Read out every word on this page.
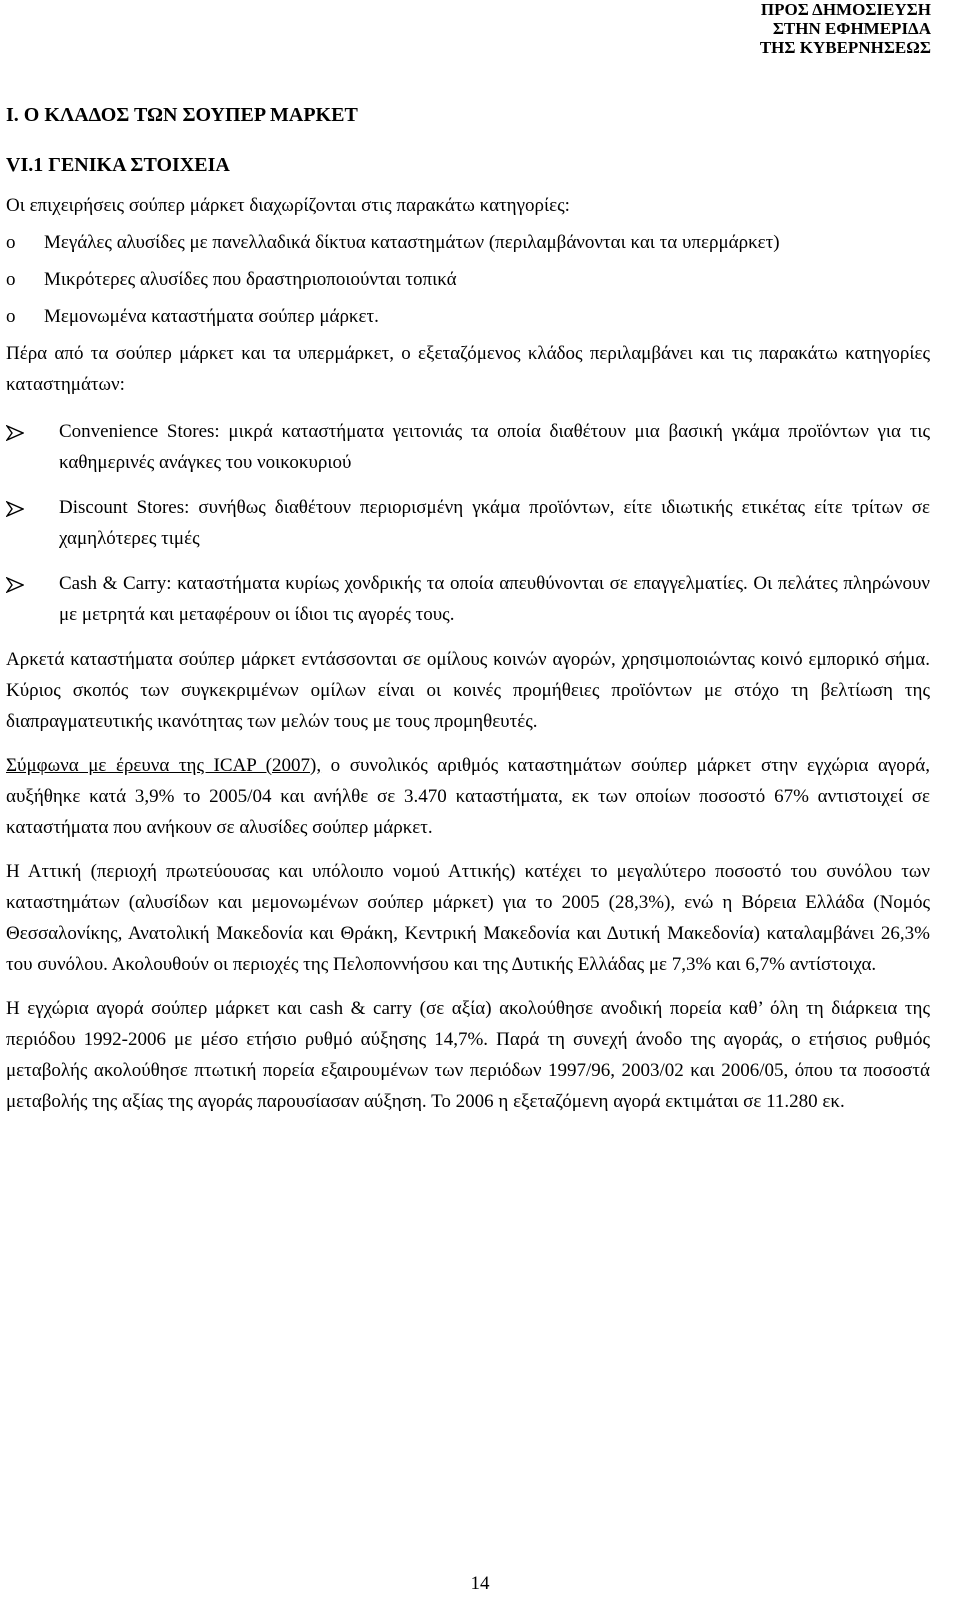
ΠΡΟΣ ΔΗΜΟΣΙΕΥΣΗ
ΣΤΗΝ ΕΦΗΜΕΡΙΔΑ
ΤΗΣ ΚΥΒΕΡΝΗΣΕΩΣ
I. Ο ΚΛΑΔΟΣ ΤΩΝ ΣΟΥΠΕΡ ΜΑΡΚΕΤ
VI.1 ΓΕΝΙΚΑ ΣΤΟΙΧΕΙΑ

Οι επιχειρήσεις σούπερ μάρκετ διαχωρίζονται στις παρακάτω κατηγορίες:

o Μεγάλες αλυσίδες με πανελλαδικά δίκτυα καταστημάτων (περιλαμβάνονται και τα υπερμάρκετ)
o Μικρότερες αλυσίδες που δραστηριοποιούνται τοπικά
o Μεμονωμένα καταστήματα σούπερ μάρκετ.

Πέρα από τα σούπερ μάρκετ και τα υπερμάρκετ, ο εξεταζόμενος κλάδος περιλαμβάνει και τις παρακάτω κατηγορίες καταστημάτων:

Convenience Stores: μικρά καταστήματα γειτονιάς τα οποία διαθέτουν μια βασική γκάμα προϊόντων για τις καθημερινές ανάγκες του νοικοκυριού
Discount Stores: συνήθως διαθέτουν περιορισμένη γκάμα προϊόντων, είτε ιδιωτικής ετικέτας είτε τρίτων σε χαμηλότερες τιμές
Cash & Carry: καταστήματα κυρίως χονδρικής τα οποία απευθύνονται σε επαγγελματίες. Οι πελάτες πληρώνουν με μετρητά και μεταφέρουν οι ίδιοι τις αγορές τους.

Αρκετά καταστήματα σούπερ μάρκετ εντάσσονται σε ομίλους κοινών αγορών, χρησιμοποιώντας κοινό εμπορικό σήμα. Κύριος σκοπός των συγκεκριμένων ομίλων είναι οι κοινές προμήθειες προϊόντων με στόχο τη βελτίωση της διαπραγματευτικής ικανότητας των μελών τους με τους προμηθευτές.

Σύμφωνα με έρευνα της ICAP (2007), ο συνολικός αριθμός καταστημάτων σούπερ μάρκετ στην εγχώρια αγορά, αυξήθηκε κατά 3,9% το 2005/04 και ανήλθε σε 3.470 καταστήματα, εκ των οποίων ποσοστό 67% αντιστοιχεί σε καταστήματα που ανήκουν σε αλυσίδες σούπερ μάρκετ.

Η Αττική (περιοχή πρωτεύουσας και υπόλοιπο νομού Αττικής) κατέχει το μεγαλύτερο ποσοστό του συνόλου των καταστημάτων (αλυσίδων και μεμονωμένων σούπερ μάρκετ) για το 2005 (28,3%), ενώ η Βόρεια Ελλάδα (Νομός Θεσσαλονίκης, Ανατολική Μακεδονία και Θράκη, Κεντρική Μακεδονία και Δυτική Μακεδονία) καταλαμβάνει 26,3% του συνόλου. Ακολουθούν οι περιοχές της Πελοποννήσου και της Δυτικής Ελλάδας με 7,3% και 6,7% αντίστοιχα.

Η εγχώρια αγορά σούπερ μάρκετ και cash & carry (σε αξία) ακολούθησε ανοδική πορεία καθ’ όλη τη διάρκεια της περιόδου 1992-2006 με μέσο ετήσιο ρυθμό αύξησης 14,7%. Παρά τη συνεχή άνοδο της αγοράς, ο ετήσιος ρυθμός μεταβολής ακολούθησε πτωτική πορεία εξαιρουμένων των περιόδων 1997/96, 2003/02 και 2006/05, όπου τα ποσοστά μεταβολής της αξίας της αγοράς παρουσίασαν αύξηση. Το 2006 η εξεταζόμενη αγορά εκτιμάται σε 11.280 εκ.

14
